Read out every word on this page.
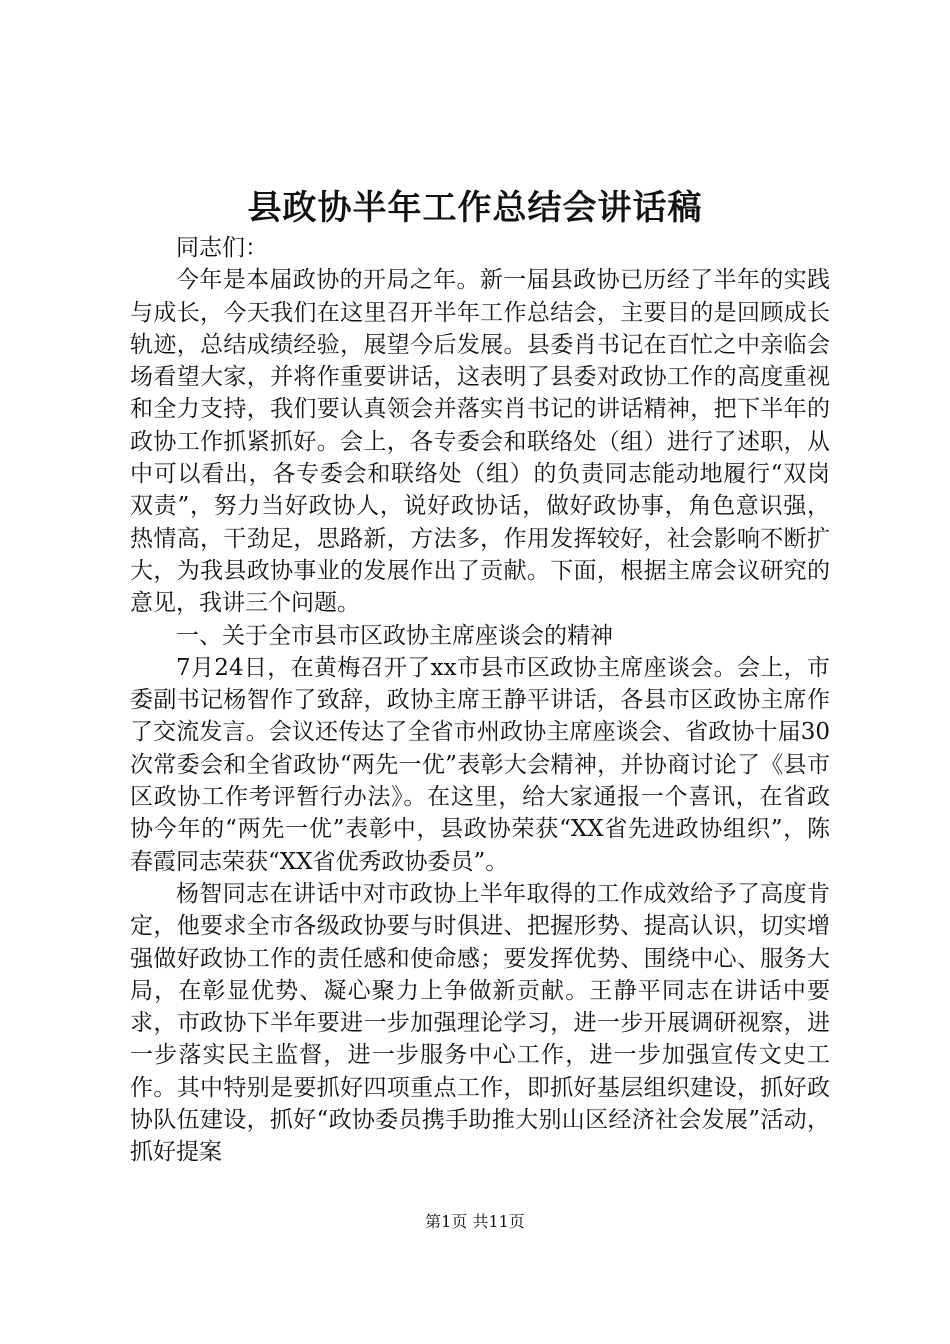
县政协半年工作总结会讲话稿

同志们：

今年是本届政协的开局之年。新一届县政协已历经了半年的实践与成长，今天我们在这里召开半年工作总结会，主要目的是回顾成长轨迹，总结成绩经验，展望今后发展。县委肖书记在百忙之中亲临会场看望大家，并将作重要讲话，这表明了县委对政协工作的高度重视和全力支持，我们要认真领会并落实肖书记的讲话精神，把下半年的政协工作抓紧抓好。会上，各专委会和联络处（组）进行了述职，从中可以看出，各专委会和联络处（组）的负责同志能动地履行“双岗双责”，努力当好政协人，说好政协话，做好政协事，角色意识强，热情高，干劲足，思路新，方法多，作用发挥较好，社会影响不断扩大，为我县政协事业的发展作出了贡献。下面，根据主席会议研究的意见，我讲三个问题。

一、关于全市县市区政协主席座谈会的精神

7月24日，在黄梅召开了xx市县市区政协主席座谈会。会上，市委副书记杨智作了致辞，政协主席王静平讲话，各县市区政协主席作了交流发言。会议还传达了全省市州政协主席座谈会、省政协十届30次常委会和全省政协“两先一优”表彰大会精神，并协商讨论了《县市区政协工作考评暂行办法》。在这里，给大家通报一个喜讯，在省政协今年的“两先一优”表彰中，县政协荣获“XX省先进政协组织”，陈春霞同志荣获“XX省优秀政协委员”。

杨智同志在讲话中对市政协上半年取得的工作成效给予了高度肯定，他要求全市各级政协要与时俱进、把握形势、提高认识，切实增强做好政协工作的责任感和使命感；要发挥优势、围绕中心、服务大局，在彰显优势、凝心聚力上争做新贡献。王静平同志在讲话中要求，市政协下半年要进一步加强理论学习，进一步开展调研视察，进一步落实民主监督，进一步服务中心工作，进一步加强宣传文史工作。其中特别是要抓好四项重点工作，即抓好基层组织建设，抓好政协队伍建设，抓好“政协委员携手助推大别山区经济社会发展”活动，抓好提案

第1页 共11页
